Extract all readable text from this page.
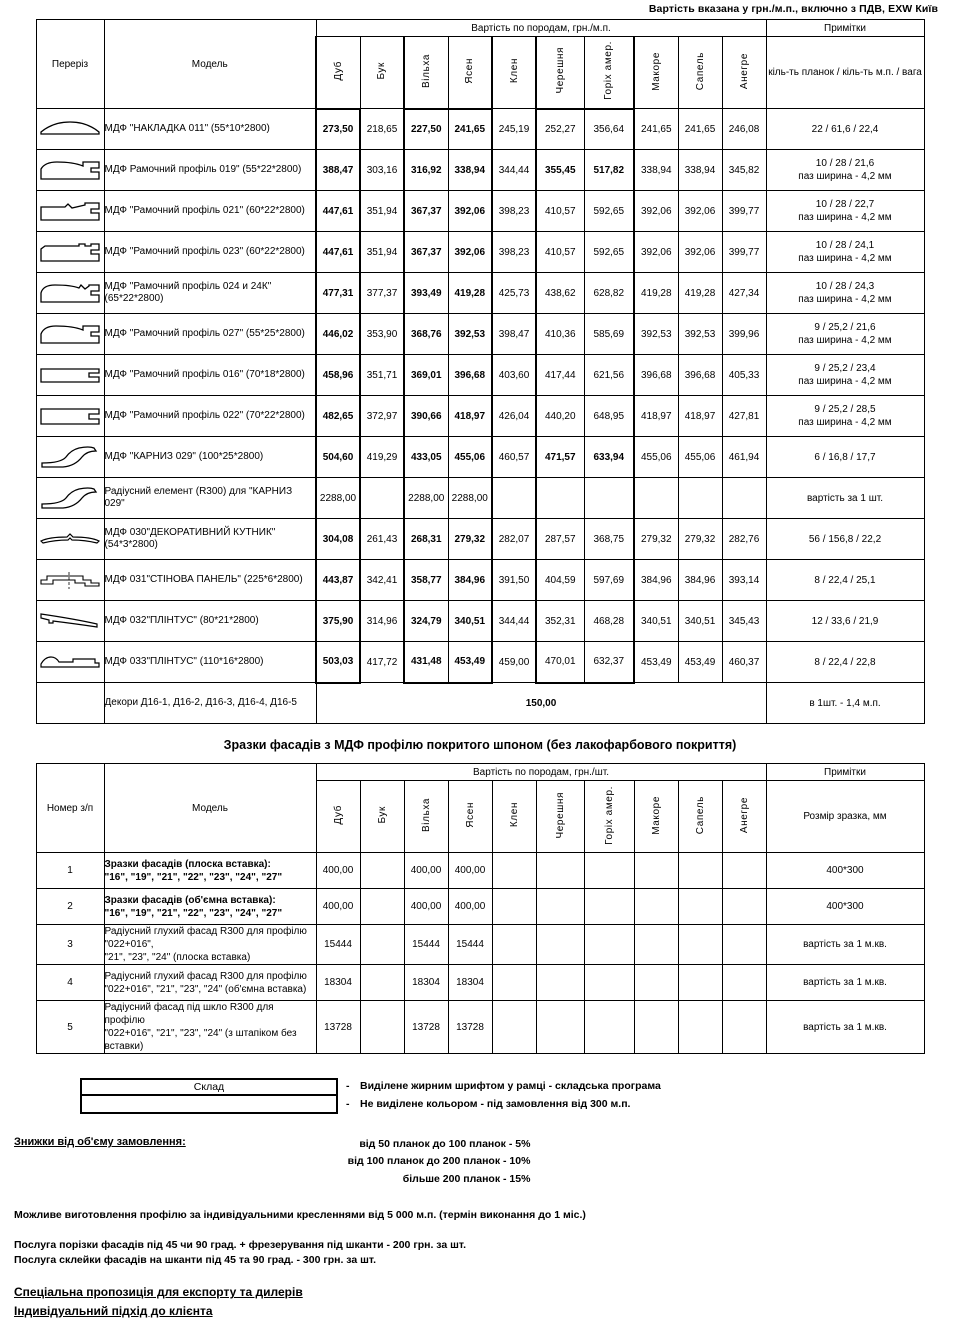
Вартість вказана у грн./м.п., включно з ПДВ, EXW Київ
Переріз	Модель	Вартість по породам, грн./м.п.										Примітки
		Дуб	Бук	Вільха	Ясен	Клен	Черешня	Горіх амер.	Макоре	Сапель	Анегре	кіль-ть планок / кіль-ть м.п. / вага

	МДФ "НАКЛАДКА 011" (55*10*2800)	273,50	218,65	227,50	241,65	245,19	252,27	356,64	241,65	241,65	246,08	22 / 61,6 / 22,4

	МДФ Рамочний профіль 019" (55*22*2800)	388,47	303,16	316,92	338,94	344,44	355,45	517,82	338,94	338,94	345,82	10 / 28 / 21,6
паз ширина - 4,2 мм

	МДФ "Рамочний профіль 021" (60*22*2800)	447,61	351,94	367,37	392,06	398,23	410,57	592,65	392,06	392,06	399,77	10 / 28 / 22,7
паз ширина - 4,2 мм

	МДФ "Рамочний профіль 023" (60*22*2800)	447,61	351,94	367,37	392,06	398,23	410,57	592,65	392,06	392,06	399,77	10 / 28 / 24,1
паз ширина - 4,2 мм

	МДФ "Рамочний профіль 024 и 24К" (65*22*2800)	477,31	377,37	393,49	419,28	425,73	438,62	628,82	419,28	419,28	427,34	10 / 28 / 24,3
паз ширина - 4,2 мм

	МДФ "Рамочний профіль 027" (55*25*2800)	446,02	353,90	368,76	392,53	398,47	410,36	585,69	392,53	392,53	399,96	9 / 25,2 / 21,6
паз ширина - 4,2 мм

	МДФ "Рамочний профіль 016" (70*18*2800)	458,96	351,71	369,01	396,68	403,60	417,44	621,56	396,68	396,68	405,33	9 / 25,2 / 23,4
паз ширина - 4,2 мм

	МДФ "Рамочний профіль 022" (70*22*2800)	482,65	372,97	390,66	418,97	426,04	440,20	648,95	418,97	418,97	427,81	9 / 25,2 / 28,5
паз ширина - 4,2 мм

	МДФ "КАРНИЗ 029" (100*25*2800)	504,60	419,29	433,05	455,06	460,57	471,57	633,94	455,06	455,06	461,94	6 / 16,8 / 17,7

	Радіусний елемент (R300) для "КАРНИЗ 029"	2288,00		2288,00	2288,00							вартість за 1 шт.

	МДФ 030"ДЕКОРАТИВНИЙ КУТНИК" (54*3*2800)	304,08	261,43	268,31	279,32	282,07	287,57	368,75	279,32	279,32	282,76	56 / 156,8 / 22,2

	МДФ 031"СТІНОВА ПАНЕЛЬ" (225*6*2800)	443,87	342,41	358,77	384,96	391,50	404,59	597,69	384,96	384,96	393,14	8 / 22,4 / 25,1

	МДФ 032"ПЛІНТУС" (80*21*2800)	375,90	314,96	324,79	340,51	344,44	352,31	468,28	340,51	340,51	345,43	12 / 33,6 / 21,9

	МДФ 033"ПЛІНТУС" (110*16*2800)	503,03	417,72	431,48	453,49	459,00	470,01	632,37	453,49	453,49	460,37	8 / 22,4 / 22,8
	Декори Д16-1, Д16-2, Д16-3, Д16-4, Д16-5	150,00										в 1шт. - 1,4 м.п.
Зразки фасадів з МДФ профілю покритого шпоном (без лакофарбового покриття)
Номер з/п	Модель	Вартість по породам, грн./шт.										Примітки
		Дуб	Бук	Вільха	Ясен	Клен	Черешня	Горіх амер.	Макоре	Сапель	Анегре	Розмір зразка, мм
1	Зразки фасадів (плоска вставка):
"16", "19", "21", "22", "23", "24", "27"	400,00		400,00	400,00							400*300
2	Зразки фасадів (об'ємна вставка):
"16", "19", "21", "22", "23", "24", "27"	400,00		400,00	400,00							400*300
3	Радіусний глухий фасад R300 для профілю "022+016",
"21", "23", "24" (плоска вставка)	15444		15444	15444							вартість за 1 м.кв.
4	Радіусний глухий фасад R300 для профілю
"022+016", "21", "23", "24" (об'ємна вставка)	18304		18304	18304							вартість за 1 м.кв.
5	Радіусний фасад під шкло R300 для профілю
"022+016", "21", "23", "24" (з штапіком без вставки)	13728		13728	13728							вартість за 1 м.кв.
Склад	- Виділене жирним шрифтом у рамці - складська програма
- Не виділене кольором - під замовлення від 300 м.п.
Знижки від об'єму замовлення:	від 50 планок до 100 планок - 5%
від 100 планок до 200 планок - 10%
більше 200 планок - 15%

Можливе виготовлення профілю за індивідуальними кресленнями від 5 000 м.п. (термін виконання до 1 міс.)

Послуга порізки фасадів під 45 чи 90 град. + фрезерування під шканти - 200 грн. за шт.

Послуга склейки фасадів на шканти під 45 та 90 град. - 300 грн. за шт.

Спеціальна пропозиція для експорту та дилерів

Індивідуальний підхід до клієнта
